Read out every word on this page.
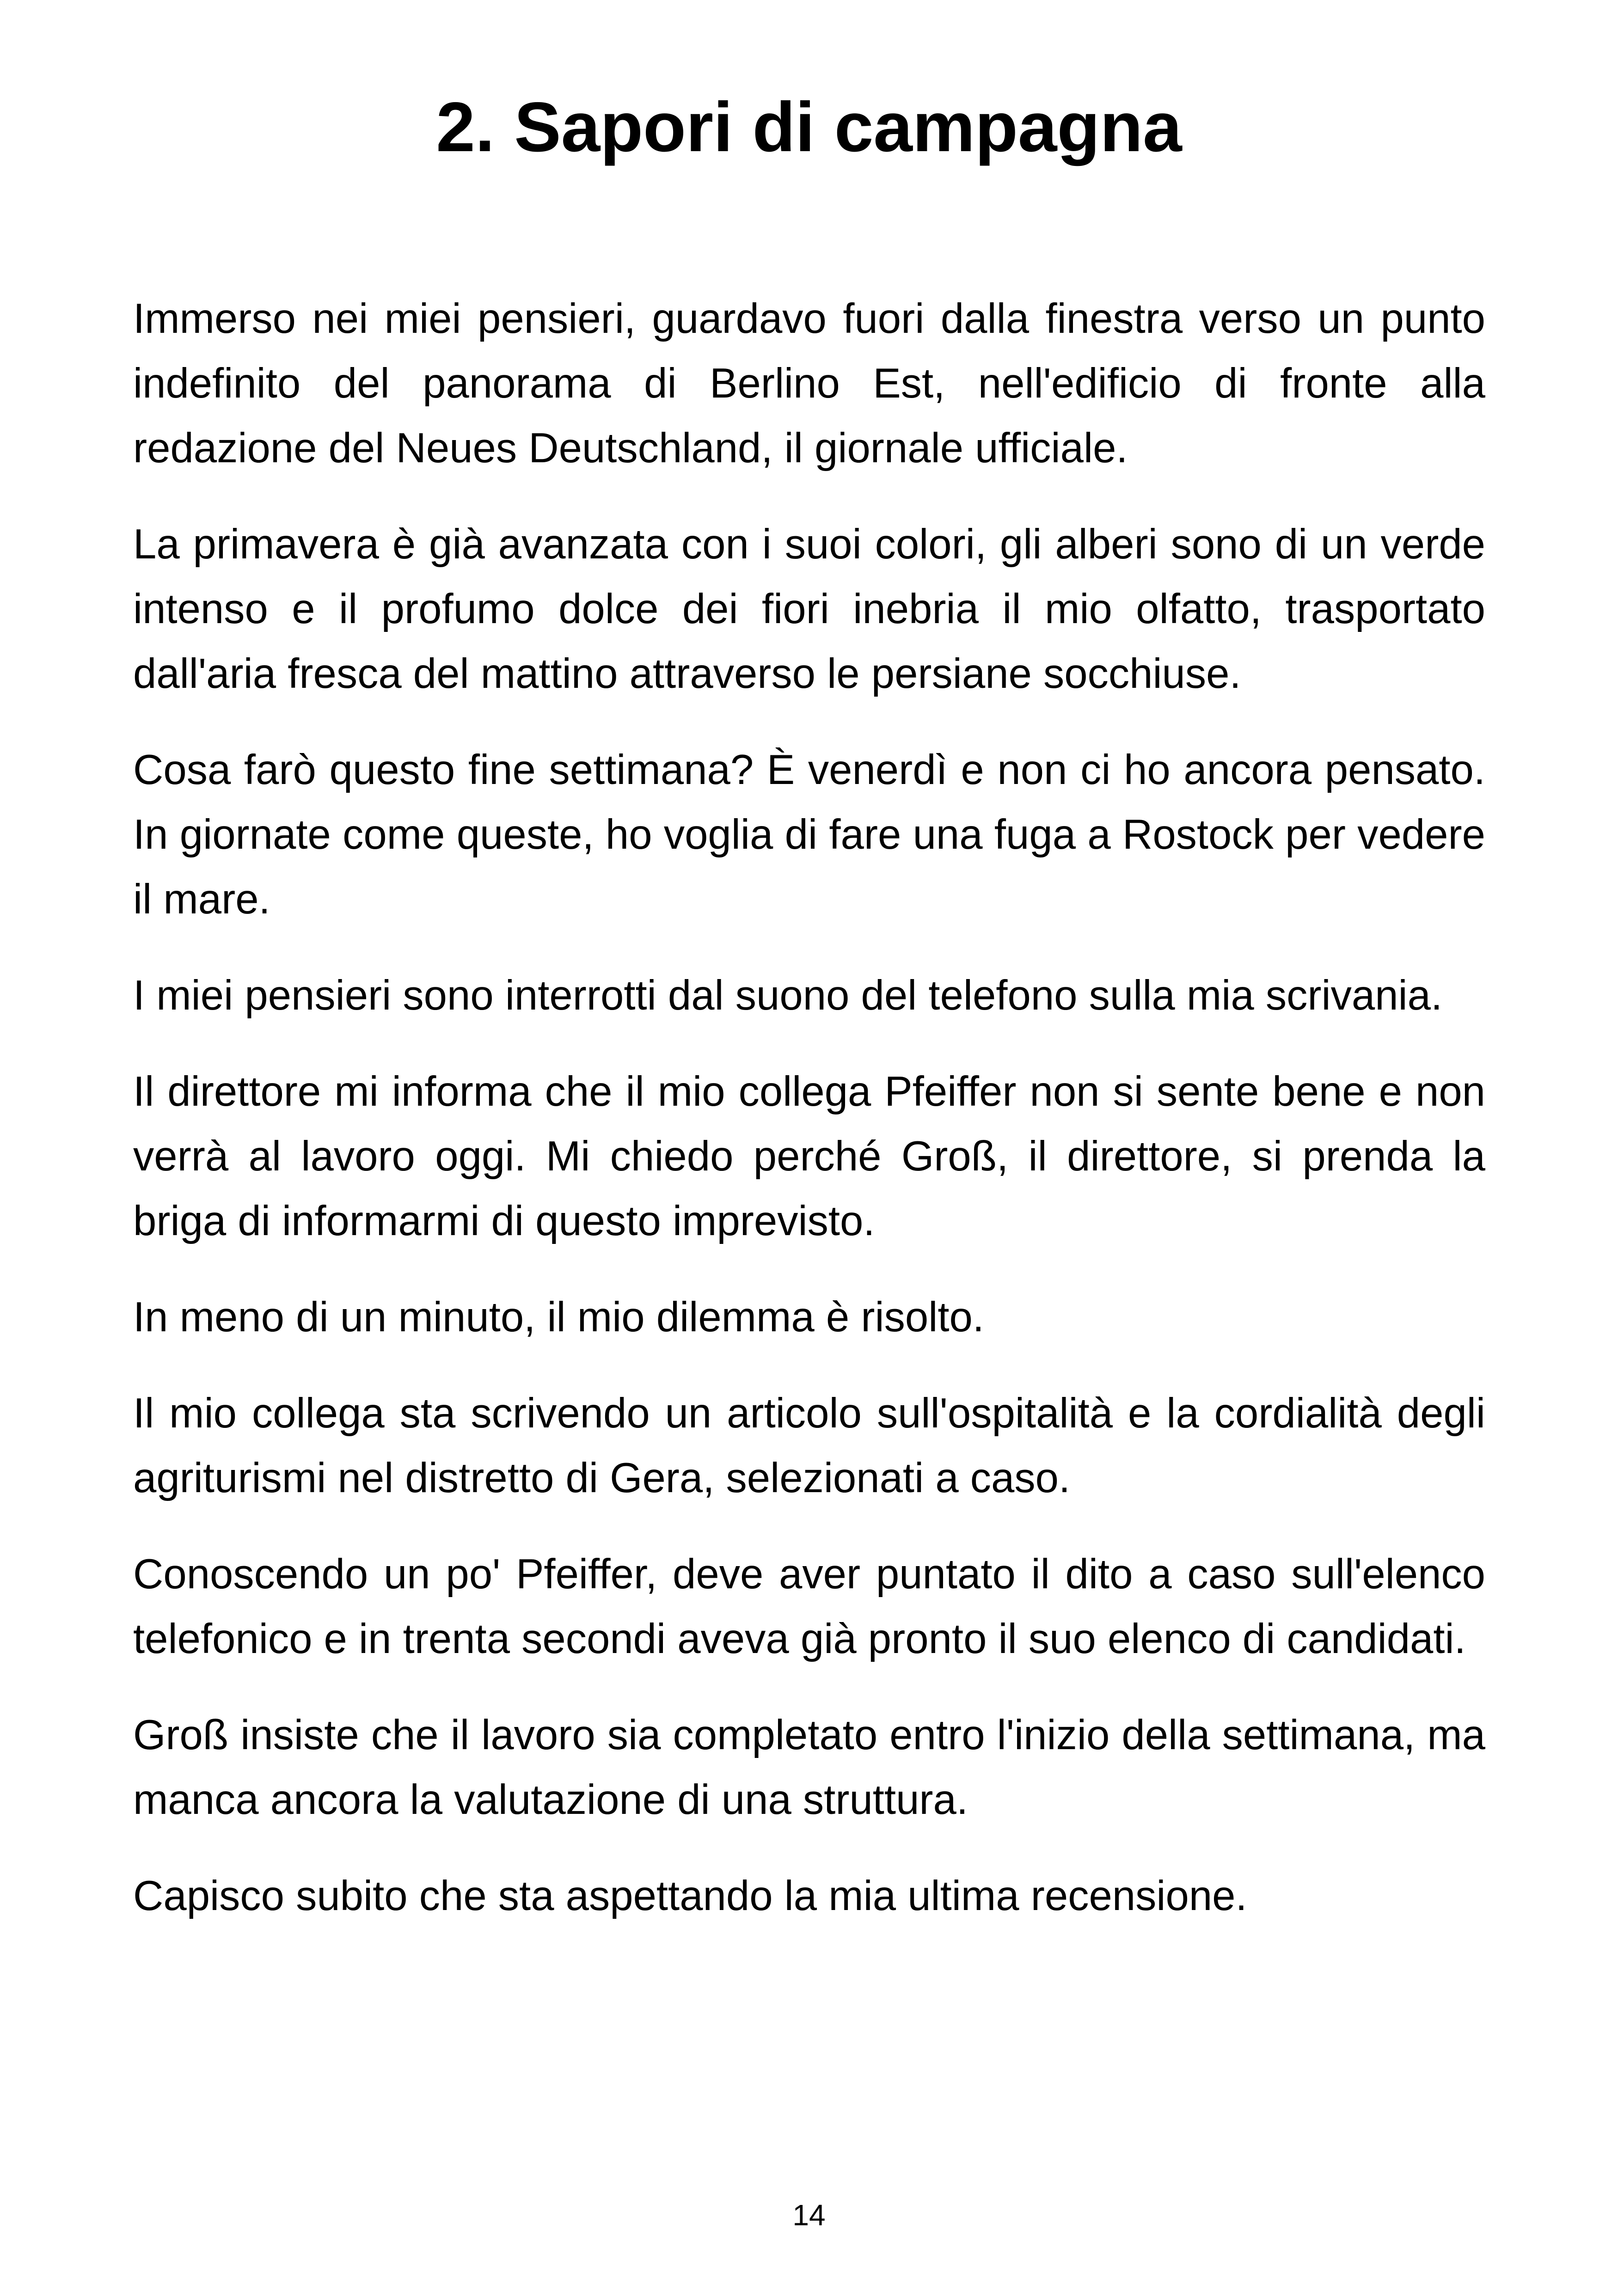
2. Sapori di campagna

Immerso nei miei pensieri, guardavo fuori dalla finestra verso un punto indefinito del panorama di Berlino Est, nell'edificio di fronte alla redazione del Neues Deutschland, il giornale ufficiale.

La primavera è già avanzata con i suoi colori, gli alberi sono di un verde intenso e il profumo dolce dei fiori inebria il mio olfatto, trasportato dall'aria fresca del mattino attraverso le persiane socchiuse.

Cosa farò questo fine settimana? È venerdì e non ci ho ancora pensato. In giornate come queste, ho voglia di fare una fuga a Rostock per vedere il mare.

I miei pensieri sono interrotti dal suono del telefono sulla mia scrivania.

Il direttore mi informa che il mio collega Pfeiffer non si sente bene e non verrà al lavoro oggi. Mi chiedo perché Groß, il direttore, si prenda la briga di informarmi di questo imprevisto.

In meno di un minuto, il mio dilemma è risolto.

Il mio collega sta scrivendo un articolo sull'ospitalità e la cordialità degli agriturismi nel distretto di Gera, selezionati a caso.

Conoscendo un po' Pfeiffer, deve aver puntato il dito a caso sull'elenco telefonico e in trenta secondi aveva già pronto il suo elenco di candidati.

Groß insiste che il lavoro sia completato entro l'inizio della settimana, ma manca ancora la valutazione di una struttura.

Capisco subito che sta aspettando la mia ultima recensione.

14
